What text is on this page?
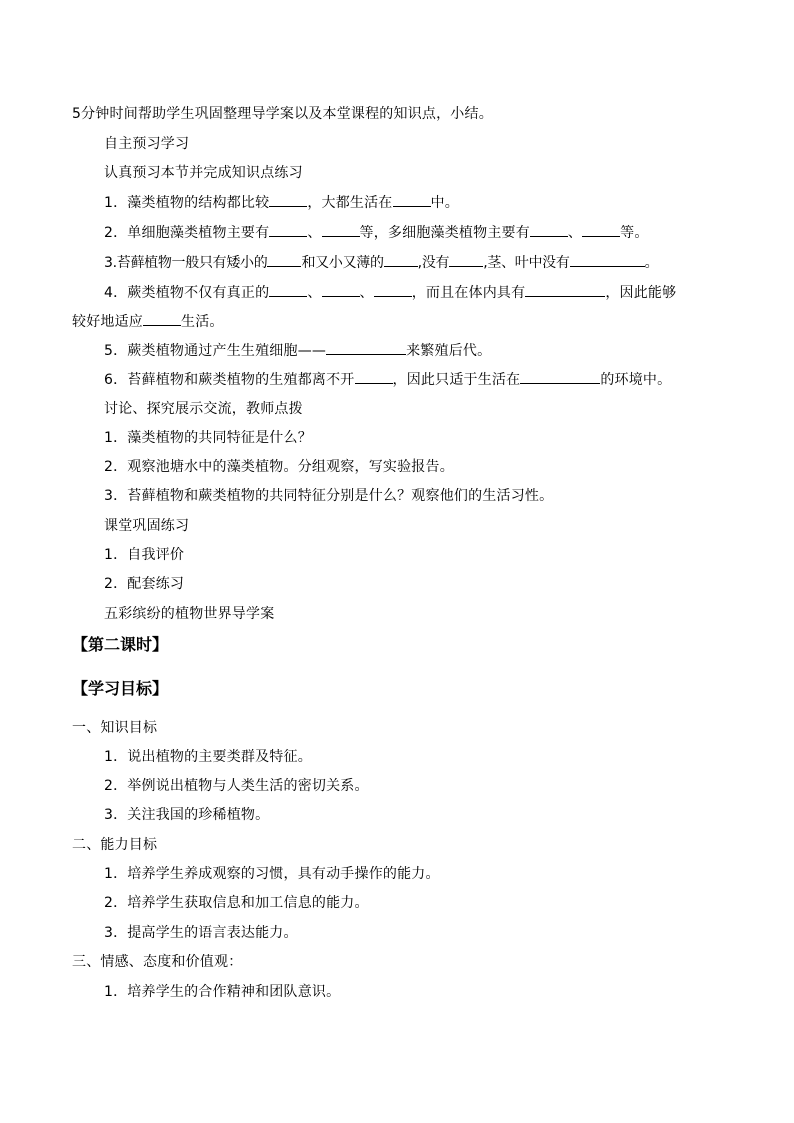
5分钟时间帮助学生巩固整理导学案以及本堂课程的知识点，小结。
自主预习学习
认真预习本节并完成知识点练习
1．藻类植物的结构都比较	，大都生活在	中。
2．单细胞藻类植物主要有	、	等，多细胞藻类植物主要有	、	等。
3.苔藓植物一般只有矮小的 和又小又薄的 ,没有 ,茎、叶中没有	。
4．蕨类植物不仅有真正的	、	、	，而且在体内具有	，因此能够
较好地适应	生活。
5．蕨类植物通过产生生殖细胞——	来繁殖后代。
6．苔藓植物和蕨类植物的生殖都离不开	，因此只适于生活在	的环境中。
讨论、探究展示交流，教师点拨
1．藻类植物的共同特征是什么？
2．观察池塘水中的藻类植物。分组观察，写实验报告。
3．苔藓植物和蕨类植物的共同特征分别是什么？观察他们的生活习性。
课堂巩固练习
1．自我评价
2．配套练习
五彩缤纷的植物世界导学案
【第二课时】
【学习目标】
一、知识目标
1．说出植物的主要类群及特征。
2．举例说出植物与人类生活的密切关系。
3．关注我国的珍稀植物。
二、能力目标
1．培养学生养成观察的习惯，具有动手操作的能力。
2．培养学生获取信息和加工信息的能力。
3．提高学生的语言表达能力。
三、情感、态度和价值观：
1．培养学生的合作精神和团队意识。
